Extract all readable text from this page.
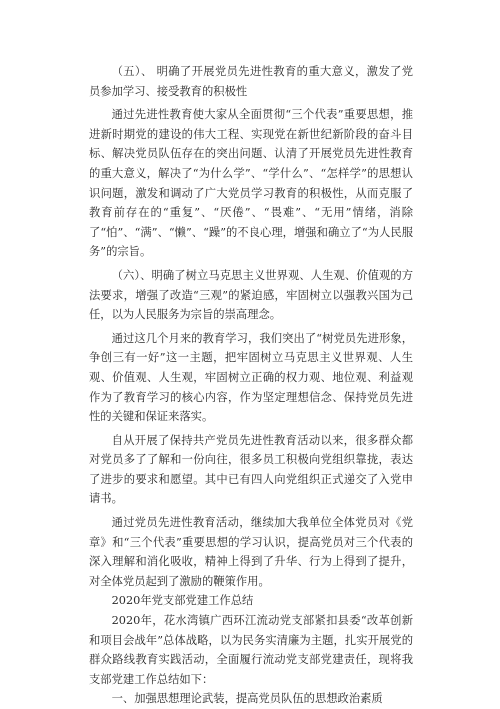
（五）、 明确了开展党员先进性教育的重大意义，激发了党员参加学习、接受教育的积极性

通过先进性教育使大家从全面贯彻“三个代表”重要思想，推进新时期党的建设的伟大工程、实现党在新世纪新阶段的奋斗目标、解决党员队伍存在的突出问题、认清了开展党员先进性教育的重大意义，解决了“为什么学”、“学什么”、“怎样学”的思想认识问题，激发和调动了广大党员学习教育的积极性，从而克服了教育前存在的“重复”、“厌倦”、“畏难”、“无用”情绪，消除了“怕”、“满”、“懒”、“躁”的不良心理，增强和确立了“为人民服务”的宗旨。

（六）、明确了树立马克思主义世界观、人生观、价值观的方法要求，增强了改造“三观”的紧迫感，牢固树立以强教兴国为己任，以为人民服务为宗旨的崇高理念。

通过这几个月来的教育学习，我们突出了“树党员先进形象，争创三有一好”这一主题，把牢固树立马克思主义世界观、人生观、价值观、人生观，牢固树立正确的权力观、地位观、利益观作为了教育学习的核心内容，作为坚定理想信念、保持党员先进性的关键和保证来落实。

自从开展了保持共产党员先进性教育活动以来，很多群众都对党员多了了解和一份向往，很多员工积极向党组织靠拢，表达了进步的要求和愿望。其中已有四人向党组织正式递交了入党申请书。

通过党员先进性教育活动，继续加大我单位全体党员对《党章》和“三个代表”重要思想的学习认识，提高党员对三个代表的深入理解和消化吸收，精神上得到了升华、行为上得到了提升，对全体党员起到了激励的鞭策作用。

2020年党支部党建工作总结

2020年，花水湾镇广西环江流动党支部紧扣县委“改革创新和项目会战年”总体战略，以为民务实清廉为主题，扎实开展党的群众路线教育实践活动，全面履行流动党支部党建责任，现将我支部党建工作总结如下：

一、加强思想理论武装，提高党员队伍的思想政治素质
